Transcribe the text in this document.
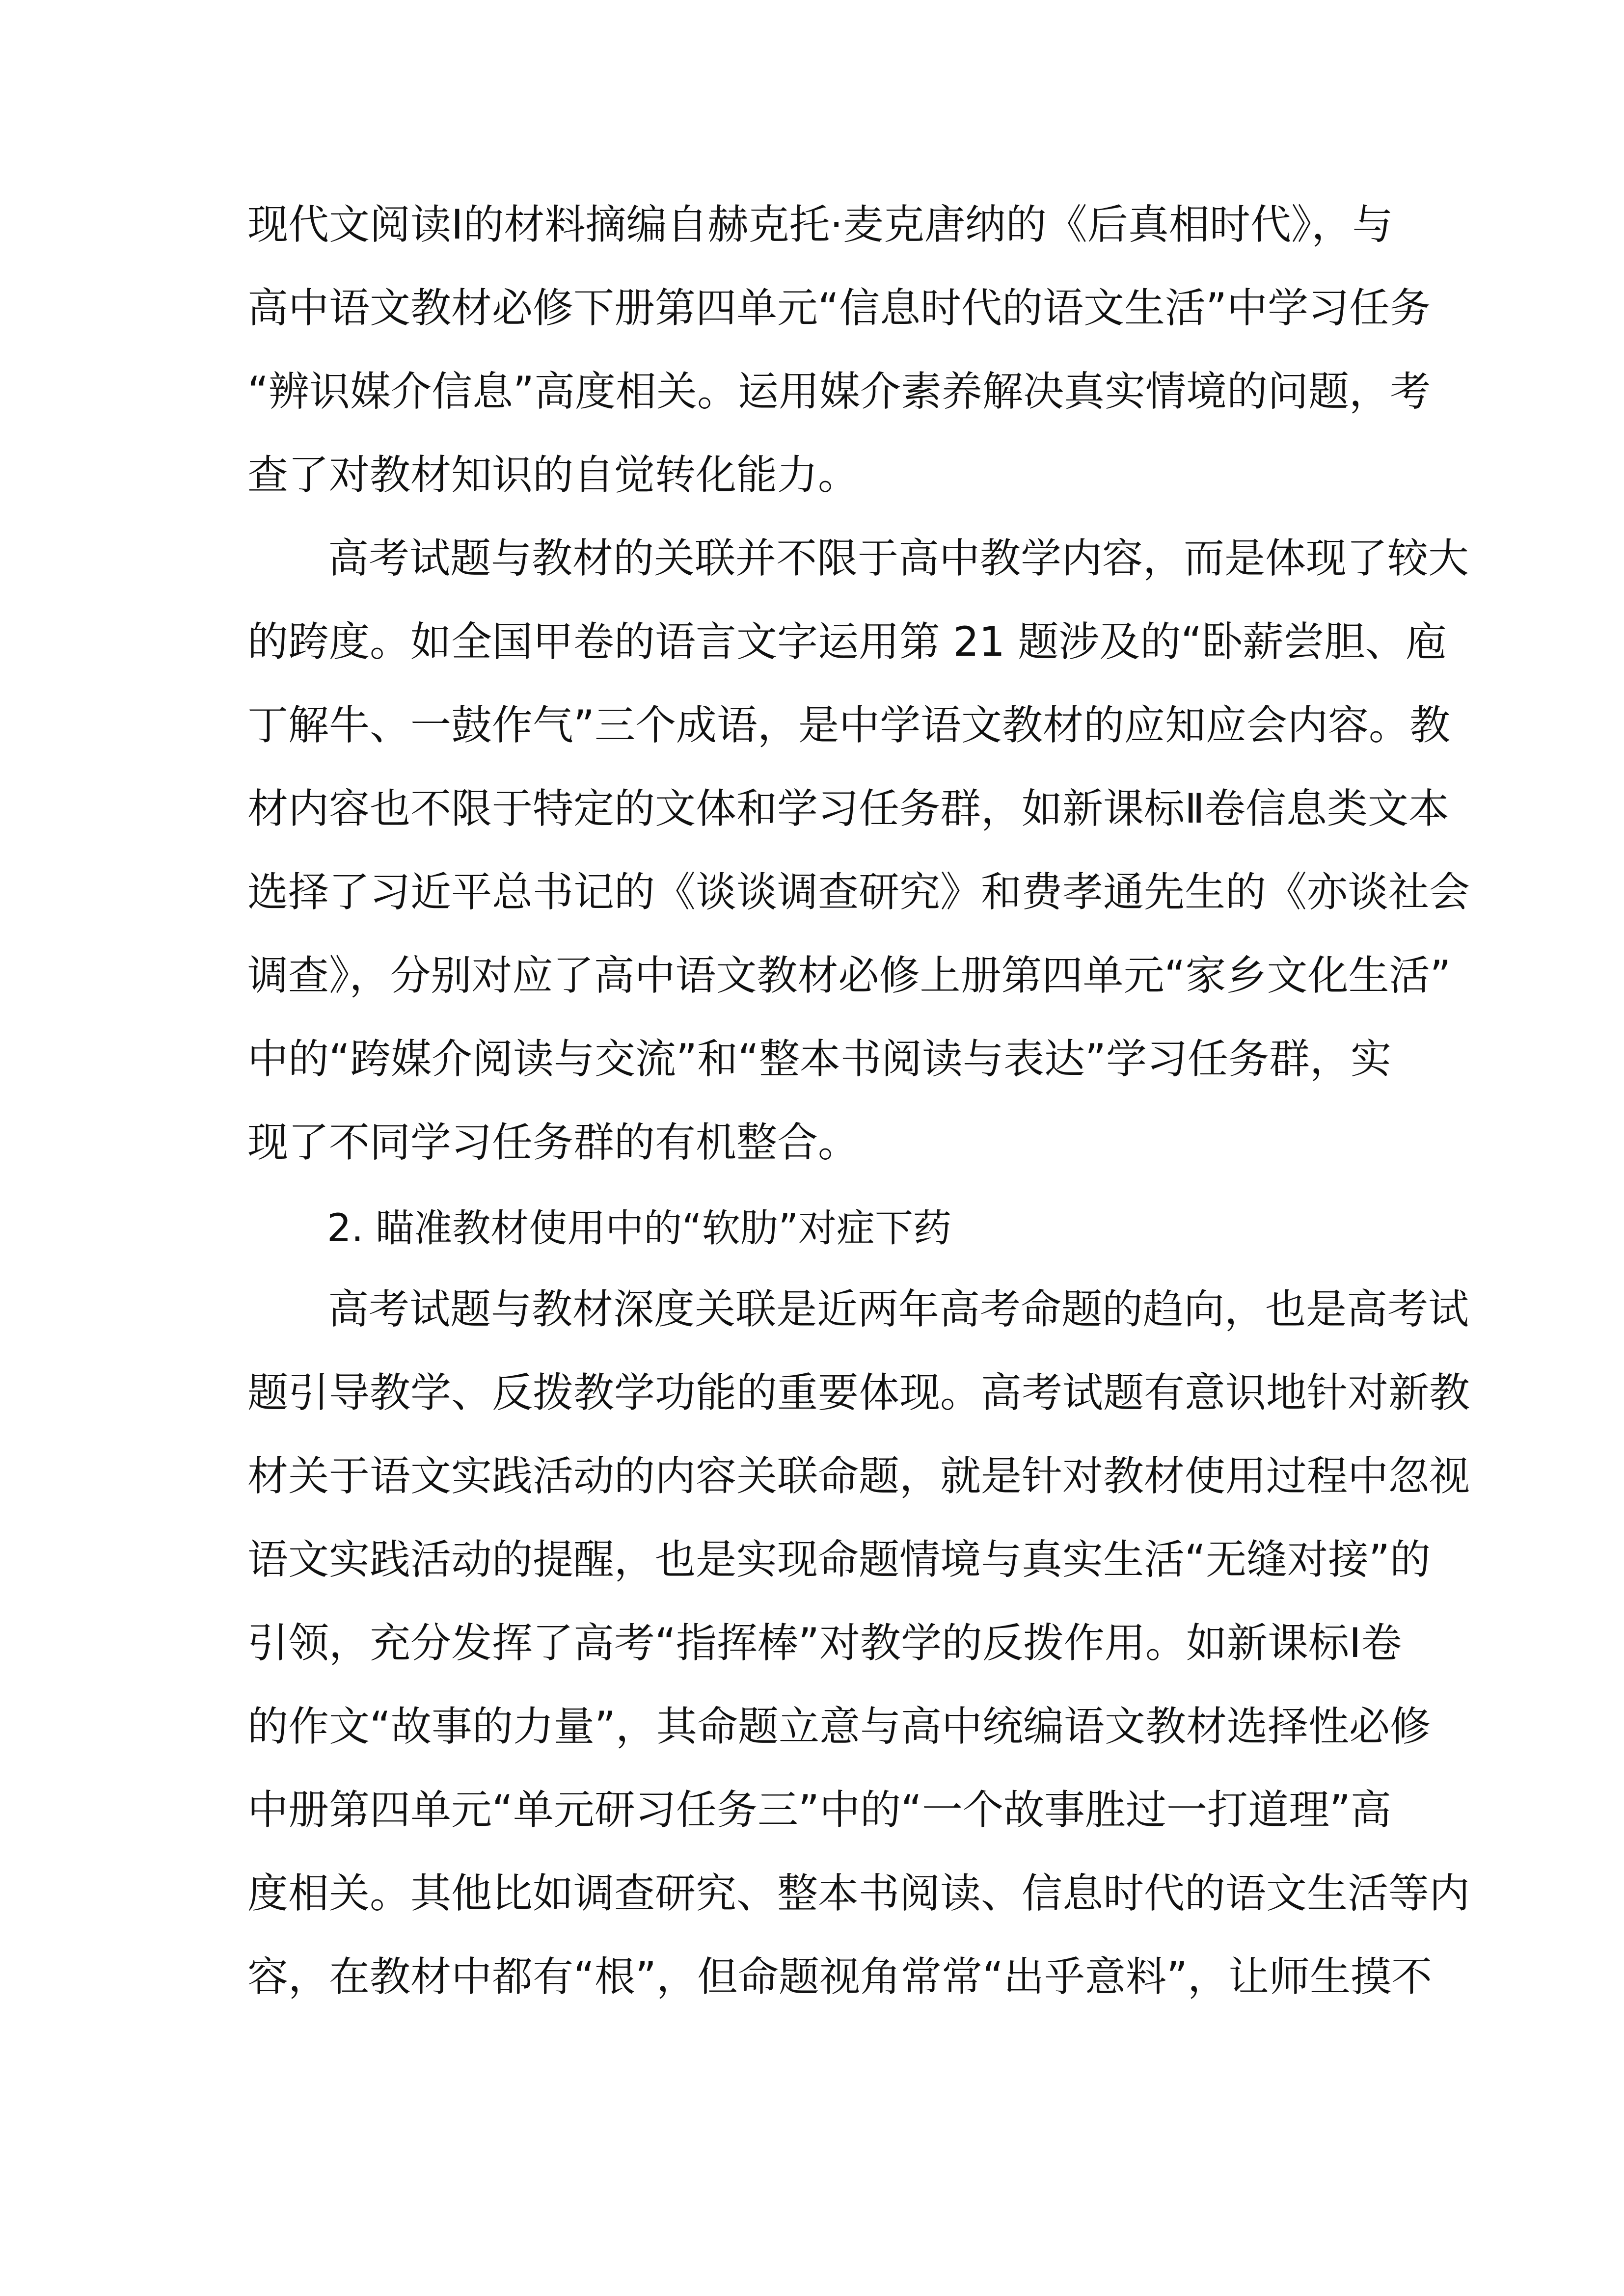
现代文阅读Ⅰ的材料摘编自赫克托·麦克唐纳的《后真相时代》，与
高中语文教材必修下册第四单元“信息时代的语文生活”中学习任务
“辨识媒介信息”高度相关。运用媒介素养解决真实情境的问题，考
查了对教材知识的自觉转化能力。
高考试题与教材的关联并不限于高中教学内容，而是体现了较大
的跨度。如全国甲卷的语言文字运用第 21 题涉及的“卧薪尝胆、庖
丁解牛、一鼓作气”三个成语，是中学语文教材的应知应会内容。教
材内容也不限于特定的文体和学习任务群，如新课标Ⅱ卷信息类文本
选择了习近平总书记的《谈谈调查研究》和费孝通先生的《亦谈社会
调查》，分别对应了高中语文教材必修上册第四单元“家乡文化生活”
中的“跨媒介阅读与交流”和“整本书阅读与表达”学习任务群，实
现了不同学习任务群的有机整合。
2. 瞄准教材使用中的“软肋”对症下药
高考试题与教材深度关联是近两年高考命题的趋向，也是高考试
题引导教学、反拨教学功能的重要体现。高考试题有意识地针对新教
材关于语文实践活动的内容关联命题，就是针对教材使用过程中忽视
语文实践活动的提醒，也是实现命题情境与真实生活“无缝对接”的
引领，充分发挥了高考“指挥棒”对教学的反拨作用。如新课标Ⅰ卷
的作文“故事的力量”，其命题立意与高中统编语文教材选择性必修
中册第四单元“单元研习任务三”中的“一个故事胜过一打道理”高
度相关。其他比如调查研究、整本书阅读、信息时代的语文生活等内
容，在教材中都有“根”，但命题视角常常“出乎意料”，让师生摸不
